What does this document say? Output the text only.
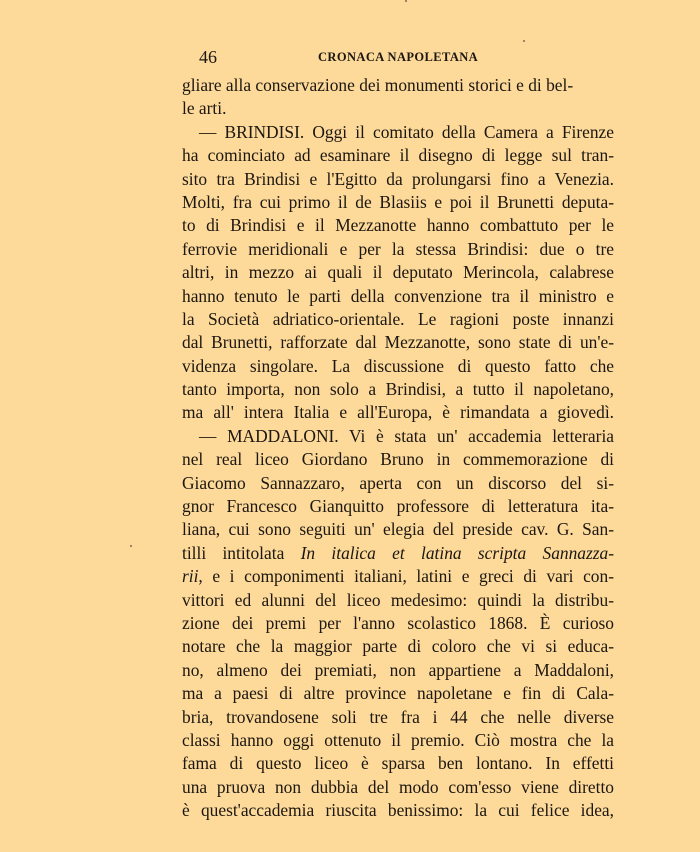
46	CRONACA NAPOLETANA
gliare alla conservazione dei monumenti storici e di bel-
le arti.
— BRINDISI. Oggi il comitato della Camera a Firenze
ha cominciato ad esaminare il disegno di legge sul tran-
sito tra Brindisi e l'Egitto da prolungarsi fino a Venezia.
Molti, fra cui primo il de Blasiis e poi il Brunetti deputa-
to di Brindisi e il Mezzanotte hanno combattuto per le
ferrovie meridionali e per la stessa Brindisi: due o tre
altri, in mezzo ai quali il deputato Merincola, calabrese
hanno tenuto le parti della convenzione tra il ministro e
la Società adriatico-orientale. Le ragioni poste innanzi
dal Brunetti, rafforzate dal Mezzanotte, sono state di un'e-
videnza singolare. La discussione di questo fatto che
tanto importa, non solo a Brindisi, a tutto il napoletano,
ma all' intera Italia e all'Europa, è rimandata a giovedì.
— MADDALONI. Vi è stata un' accademia letteraria
nel real liceo Giordano Bruno in commemorazione di
Giacomo Sannazzaro, aperta con un discorso del si-
gnor Francesco Gianquitto professore di letteratura ita-
liana, cui sono seguiti un' elegia del preside cav. G. San-
tilli intitolata In italica et latina scripta Sannazza-
rii, e i componimenti italiani, latini e greci di vari con-
vittori ed alunni del liceo medesimo: quindi la distribu-
zione dei premi per l'anno scolastico 1868. È curioso
notare che la maggior parte di coloro che vi si educa-
no, almeno dei premiati, non appartiene a Maddaloni,
ma a paesi di altre province napoletane e fin di Cala-
bria, trovandosene soli tre fra i 44 che nelle diverse
classi hanno oggi ottenuto il premio. Ciò mostra che la
fama di questo liceo è sparsa ben lontano. In effetti
una pruova non dubbia del modo com'esso viene diretto
è quest'accademia riuscita benissimo: la cui felice idea,
